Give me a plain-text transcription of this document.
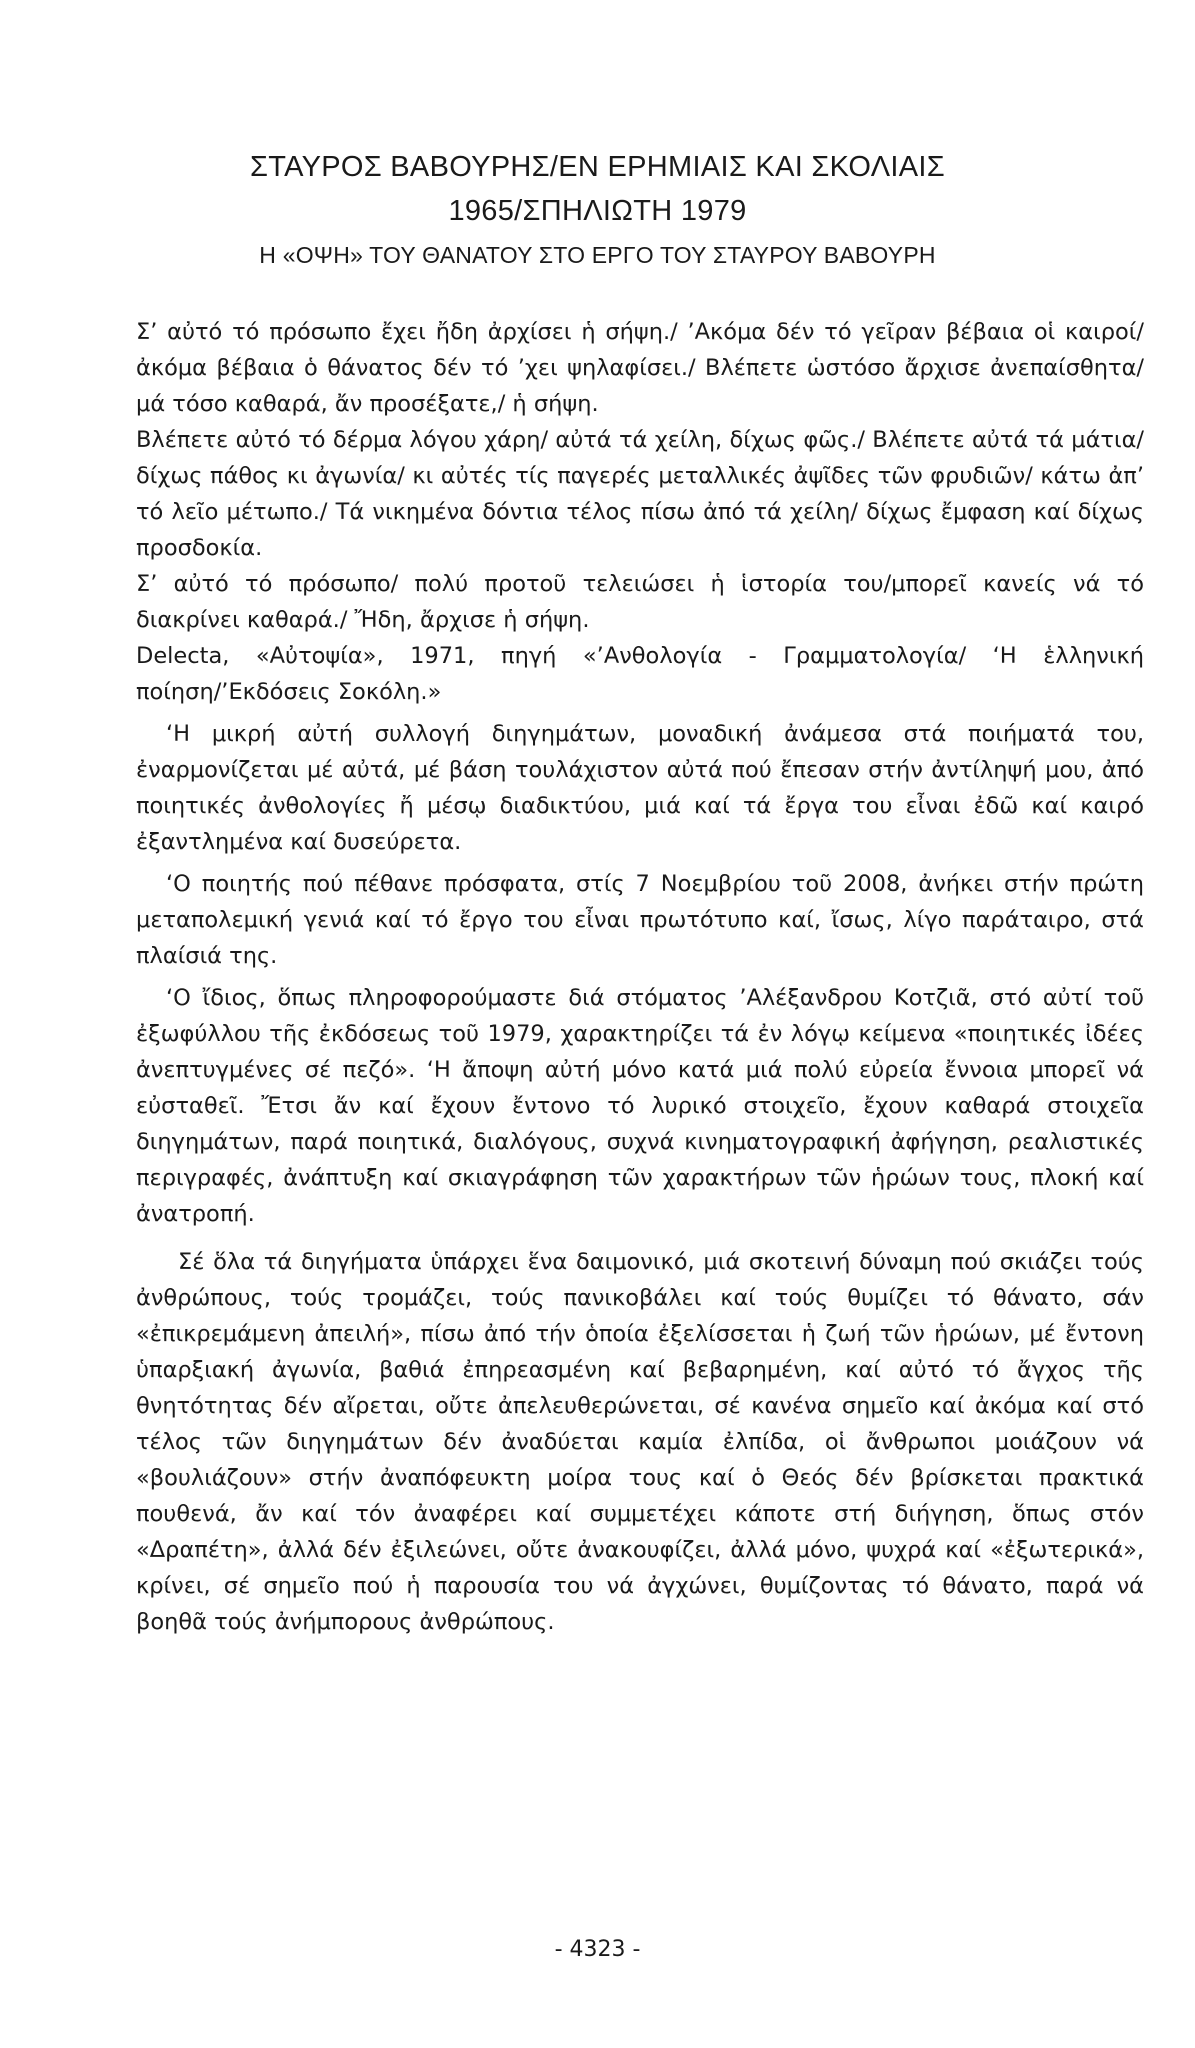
ΣΤΑΥΡΟΣ ΒΑΒΟΥΡΗΣ/ΕΝ ΕΡΗΜΙΑΙΣ ΚΑΙ ΣΚΟΛΙΑΙΣ
1965/ΣΠΗΛΙΩΤΗ 1979
Η «ΟΨΗ» ΤΟΥ ΘΑΝΑΤΟΥ ΣΤΟ ΕΡΓΟ ΤΟΥ ΣΤΑΥΡΟΥ ΒΑΒΟΥΡΗ

Σ’ αὐτό τό πρόσωπο ἔχει ἤδη ἀρχίσει ἡ σήψη./ ’Ακόμα δέν τό γεῖραν βέβαια οἱ καιροί/ ἀκόμα βέβαια ὁ θάνατος δέν τό ’χει ψηλαφίσει./ Βλέπετε ὡστόσο ἄρχισε ἀνεπαίσθητα/ μά τόσο καθαρά, ἄν προσέξατε,/ ἡ σήψη.

Βλέπετε αὐτό τό δέρμα λόγου χάρη/ αὐτά τά χείλη, δίχως φῶς./ Βλέπετε αὐτά τά μάτια/ δίχως πάθος κι ἀγωνία/ κι αὐτές τίς παγερές μεταλλικές ἀψῖδες τῶν φρυδιῶν/ κάτω ἀπ’ τό λεῖο μέτωπο./ Τά νικημένα δόντια τέλος πίσω ἀπό τά χείλη/ δίχως ἔμφαση καί δίχως προσδοκία.

Σ’ αὐτό τό πρόσωπο/ πολύ προτοῦ τελειώσει ἡ ἱστορία του/μπορεῖ κανείς νά τό διακρίνει καθαρά./ Ἤδη, ἄρχισε ἡ σήψη.

Delecta, «Αὐτοψία», 1971, πηγή «’Ανθολογία - Γραμματολογία/ ‘Η ἑλληνική ποίηση/’Εκδόσεις Σοκόλη.»

‘Η μικρή αὐτή συλλογή διηγημάτων, μοναδική ἀνάμεσα στά ποιήματά του, ἐναρμονίζεται μέ αὐτά, μέ βάση τουλάχιστον αὐτά πού ἔπεσαν στήν ἀντίληψή μου, ἀπό ποιητικές ἀνθολογίες ἤ μέσῳ διαδικτύου, μιά καί τά ἔργα του εἶναι ἐδῶ καί καιρό ἐξαντλημένα καί δυσεύρετα.

‘Ο ποιητής πού πέθανε πρόσφατα, στίς 7 Νοεμβρίου τοῦ 2008, ἀνήκει στήν πρώτη μεταπολεμική γενιά καί τό ἔργο του εἶναι πρωτότυπο καί, ἴσως, λίγο παράταιρο, στά πλαίσιά της.

‘Ο ἴδιος, ὅπως πληροφορούμαστε διά στόματος ’Αλέξανδρου Κοτζιᾶ, στό αὐτί τοῦ ἐξωφύλλου τῆς ἐκδόσεως τοῦ 1979, χαρακτηρίζει τά ἐν λόγῳ κείμενα «ποιητικές ἰδέες ἀνεπτυγμένες σέ πεζό». ‘Η ἄποψη αὐτή μόνο κατά μιά πολύ εὐρεία ἔννοια μπορεῖ νά εὐσταθεῖ. Ἔτσι ἄν καί ἔχουν ἔντονο τό λυρικό στοιχεῖο, ἔχουν καθαρά στοιχεῖα διηγημάτων, παρά ποιητικά, διαλόγους, συχνά κινηματογραφική ἀφήγηση, ρεαλιστικές περιγραφές, ἀνάπτυξη καί σκιαγράφηση τῶν χαρακτήρων τῶν ἡρώων τους, πλοκή καί ἀνατροπή.

Σέ ὅλα τά διηγήματα ὑπάρχει ἕνα δαιμονικό, μιά σκοτεινή δύναμη πού σκιάζει τούς ἀνθρώπους, τούς τρομάζει, τούς πανικοβάλει καί τούς θυμίζει τό θάνατο, σάν «ἐπικρεμάμενη ἀπειλή», πίσω ἀπό τήν ὁποία ἐξελίσσεται ἡ ζωή τῶν ἡρώων, μέ ἔντονη ὑπαρξιακή ἀγωνία, βαθιά ἐπηρεασμένη καί βεβαρημένη, καί αὐτό τό ἄγχος τῆς θνητότητας δέν αἴρεται, οὔτε ἀπελευθερώνεται, σέ κανένα σημεῖο καί ἀκόμα καί στό τέλος τῶν διηγημάτων δέν ἀναδύεται καμία ἐλπίδα, οἱ ἄνθρωποι μοιάζουν νά «βουλιάζουν» στήν ἀναπόφευκτη μοίρα τους καί ὁ Θεός δέν βρίσκεται πρακτικά πουθενά, ἄν καί τόν ἀναφέρει καί συμμετέχει κάποτε στή διήγηση, ὅπως στόν «Δραπέτη», ἀλλά δέν ἐξιλεώνει, οὔτε ἀνακουφίζει, ἀλλά μόνο, ψυχρά καί «ἐξωτερικά», κρίνει, σέ σημεῖο πού ἡ παρουσία του νά ἀγχώνει, θυμίζοντας τό θάνατο, παρά νά βοηθᾶ τούς ἀνήμπορους ἀνθρώπους.

- 4323 -
